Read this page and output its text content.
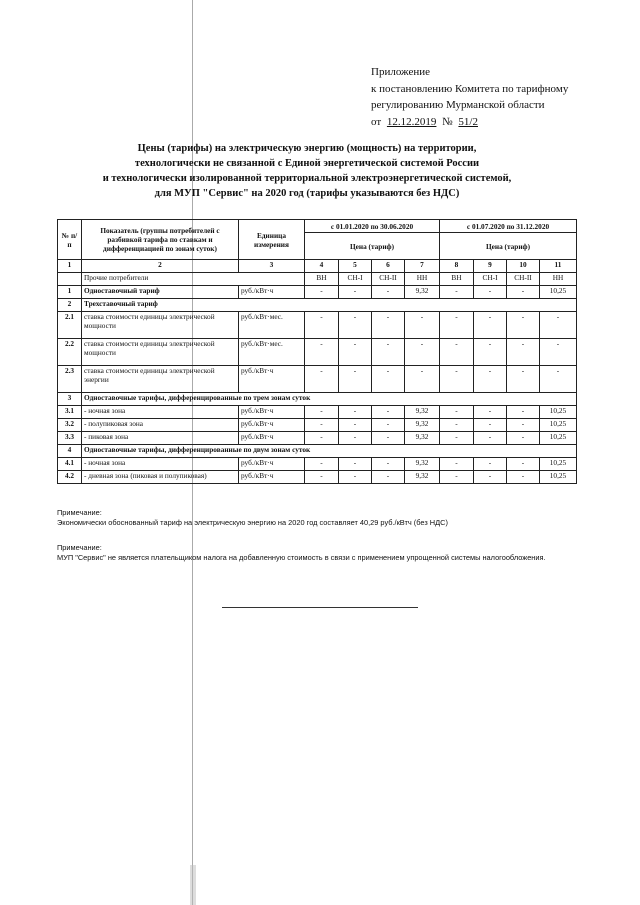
Приложение
к постановлению Комитета по тарифному
регулированию Мурманской области
от 12.12.2019 № 51/2
Цены (тарифы) на электрическую энергию (мощность) на территории,
технологически не связанной с Единой энергетической системой России
и технологически изолированной территориальной электроэнергетической системой,
для МУП "Сервис" на 2020 год (тарифы указываются без НДС)
№ п/п	Показатель (группы потребителей с разбивкой тарифа по ставкам и дифференциацией по зонам суток)	Единица измерения	с 01.01.2020 по 30.06.2020				с 01.07.2020 по 31.12.2020			
			Цена (тариф)				Цена (тариф)			
1	2	3	4	5	6	7	8	9	10	11
	Прочие потребители		ВН	СН-I	СН-II	НН	ВН	СН-I	СН-II	НН
1	Одноставочный тариф	руб./кВт·ч	-	-	-	9,32	-	-	-	10,25
2	Трехставочный тариф									
2.1	ставка стоимости единицы электрической мощности	руб./кВт·мес.	-	-	-	-	-	-	-	-
2.2	ставка стоимости единицы электрической мощности	руб./кВт·мес.	-	-	-	-	-	-	-	-
2.3	ставка стоимости единицы электрической энергии	руб./кВт·ч	-	-	-	-	-	-	-	-
3	Одноставочные тарифы, дифференцированные по трем зонам суток									
3.1	- ночная зона	руб./кВт·ч	-	-	-	9,32	-	-	-	10,25
3.2	- полупиковая зона	руб./кВт·ч	-	-	-	9,32	-	-	-	10,25
3.3	- пиковая зона	руб./кВт·ч	-	-	-	9,32	-	-	-	10,25
4	Одноставочные тарифы, дифференцированные по двум зонам суток									
4.1	- ночная зона	руб./кВт·ч	-	-	-	9,32	-	-	-	10,25
4.2	- дневная зона (пиковая и полупиковая)	руб./кВт·ч	-	-	-	9,32	-	-	-	10,25
Примечание:
Экономически обоснованный тариф на электрическую энергию на 2020 год составляет 40,29 руб./кВтч (без НДС)
Примечание:
МУП "Сервис" не является плательщиком налога на добавленную стоимость в связи с применением упрощенной системы налогообложения.
